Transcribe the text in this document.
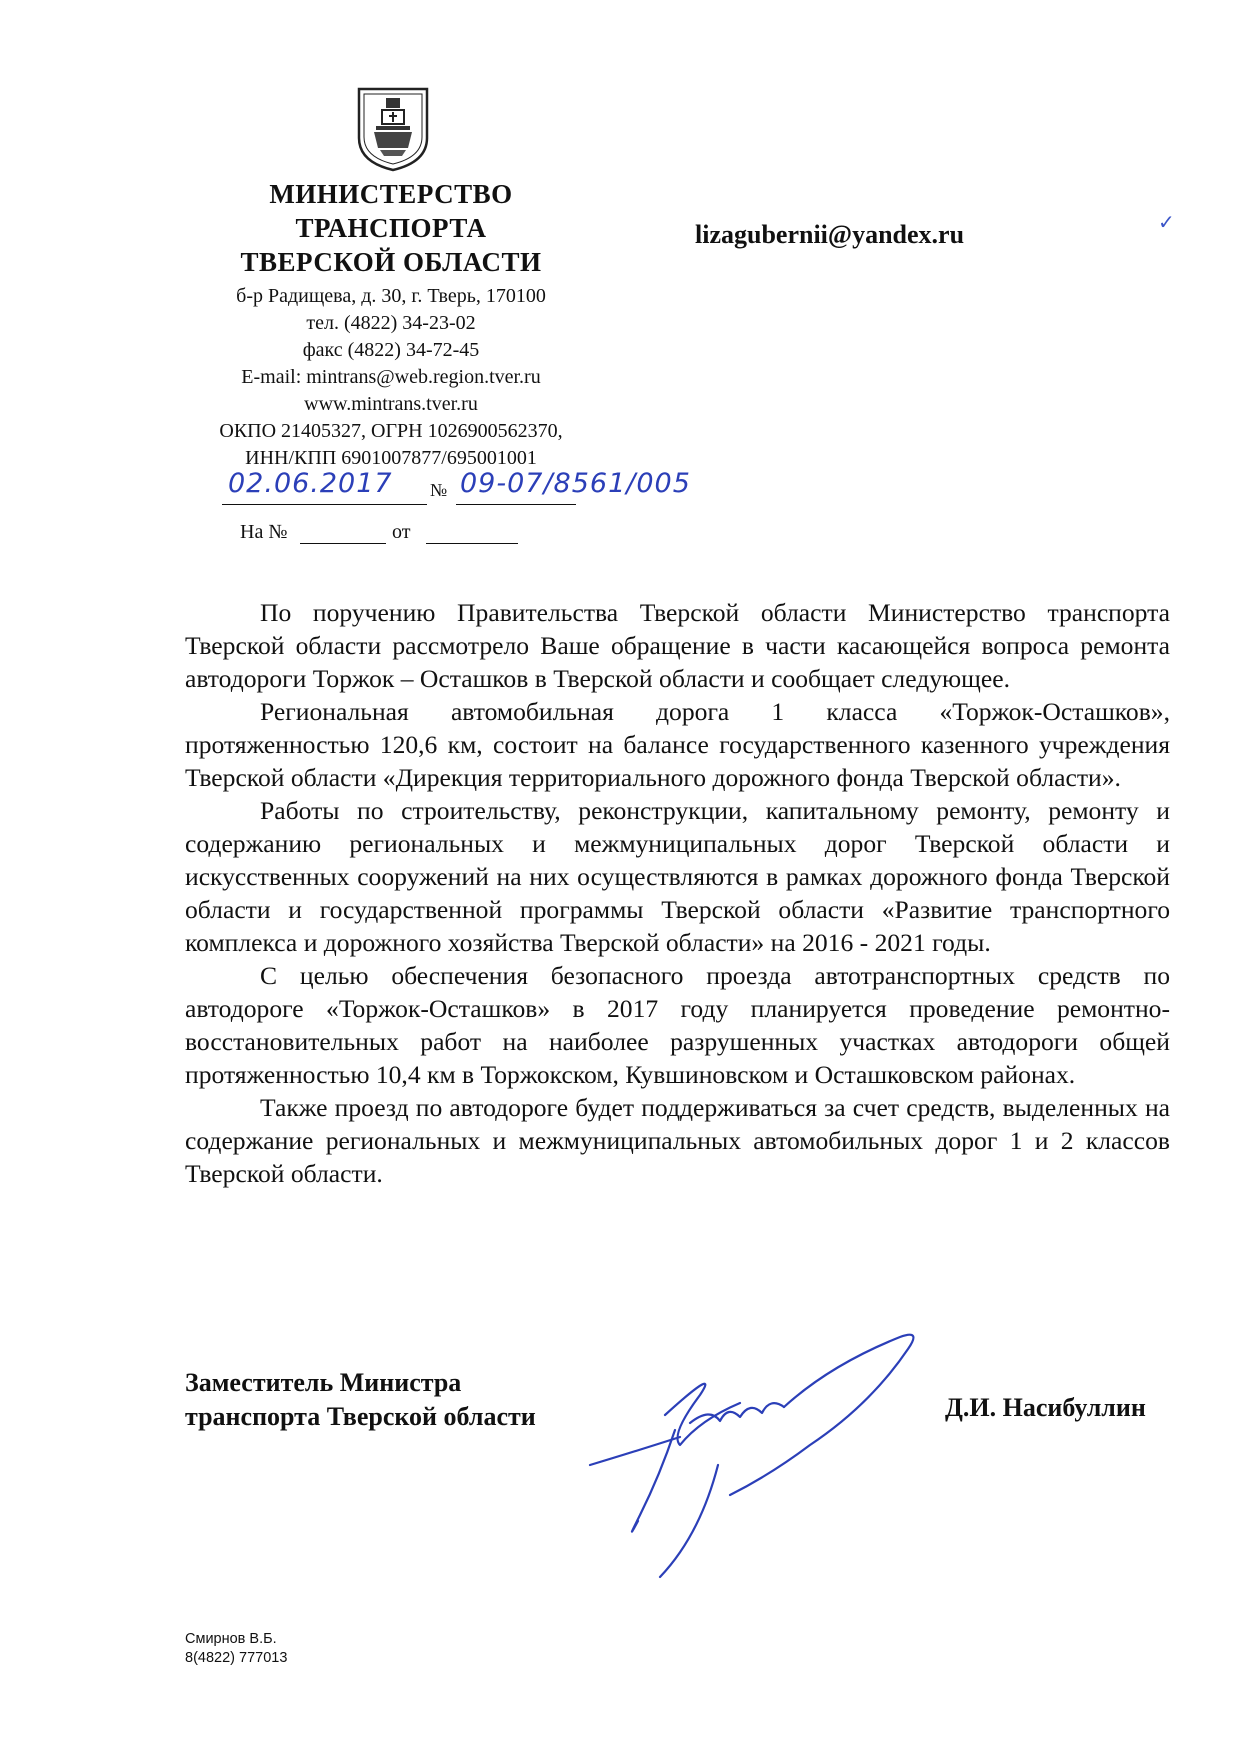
МИНИСТЕРСТВО
ТРАНСПОРТА
ТВЕРСКОЙ ОБЛАСТИ
б-р Радищева, д. 30, г. Тверь, 170100
тел. (4822) 34-23-02
факс (4822) 34-72-45
E-mail: mintrans@web.region.tver.ru
www.mintrans.tver.ru
ОКПО 21405327, ОГРН 1026900562370,
ИНН/КПП 6901007877/695001001
lizagubernii@yandex.ru	✓
02.06.2017 № 09-07/8561/005
На №	от

По поручению Правительства Тверской области Министерство транспорта Тверской области рассмотрело Ваше обращение в части касающейся вопроса ремонта автодороги Торжок – Осташков в Тверской области и сообщает следующее.

Региональная автомобильная дорога 1 класса «Торжок-Осташков», протяженностью 120,6 км, состоит на балансе государственного казенного учреждения Тверской области «Дирекция территориального дорожного фонда Тверской области».

Работы по строительству, реконструкции, капитальному ремонту, ремонту и содержанию региональных и межмуниципальных дорог Тверской области и искусственных сооружений на них осуществляются в рамках дорожного фонда Тверской области и государственной программы Тверской области «Развитие транспортного комплекса и дорожного хозяйства Тверской области» на 2016 - 2021 годы.

С целью обеспечения безопасного проезда автотранспортных средств по автодороге «Торжок-Осташков» в 2017 году планируется проведение ремонтно-восстановительных работ на наиболее разрушенных участках автодороги общей протяженностью 10,4 км в Торжокском, Кувшиновском и Осташковском районах.

Также проезд по автодороге будет поддерживаться за счет средств, выделенных на содержание региональных и межмуниципальных автомобильных дорог 1 и 2 классов Тверской области.

Заместитель Министра
транспорта Тверской области	Д.И. Насибуллин
Смирнов В.Б.
8(4822) 777013
